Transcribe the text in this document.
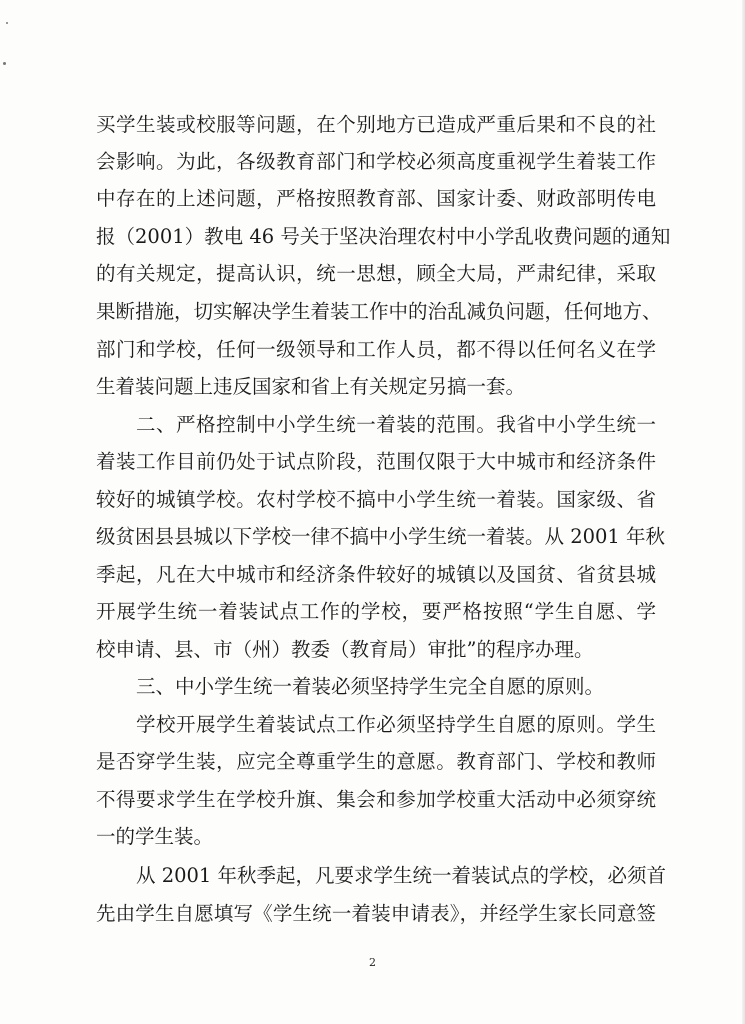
买学生装或校服等问题，在个别地方已造成严重后果和不良的社
会影响。为此，各级教育部门和学校必须高度重视学生着装工作
中存在的上述问题，严格按照教育部、国家计委、财政部明传电
报（2001）教电 46 号关于坚决治理农村中小学乱收费问题的通知
的有关规定，提高认识，统一思想，顾全大局，严肃纪律，采取
果断措施，切实解决学生着装工作中的治乱减负问题，任何地方、
部门和学校，任何一级领导和工作人员，都不得以任何名义在学
生着装问题上违反国家和省上有关规定另搞一套。
二、严格控制中小学生统一着装的范围。我省中小学生统一
着装工作目前仍处于试点阶段，范围仅限于大中城市和经济条件
较好的城镇学校。农村学校不搞中小学生统一着装。国家级、省
级贫困县县城以下学校一律不搞中小学生统一着装。从 2001 年秋
季起，凡在大中城市和经济条件较好的城镇以及国贫、省贫县城
开展学生统一着装试点工作的学校，要严格按照“学生自愿、学
校申请、县、市（州）教委（教育局）审批”的程序办理。
三、中小学生统一着装必须坚持学生完全自愿的原则。
学校开展学生着装试点工作必须坚持学生自愿的原则。学生
是否穿学生装，应完全尊重学生的意愿。教育部门、学校和教师
不得要求学生在学校升旗、集会和参加学校重大活动中必须穿统
一的学生装。
从 2001 年秋季起，凡要求学生统一着装试点的学校，必须首
先由学生自愿填写《学生统一着装申请表》，并经学生家长同意签
2
